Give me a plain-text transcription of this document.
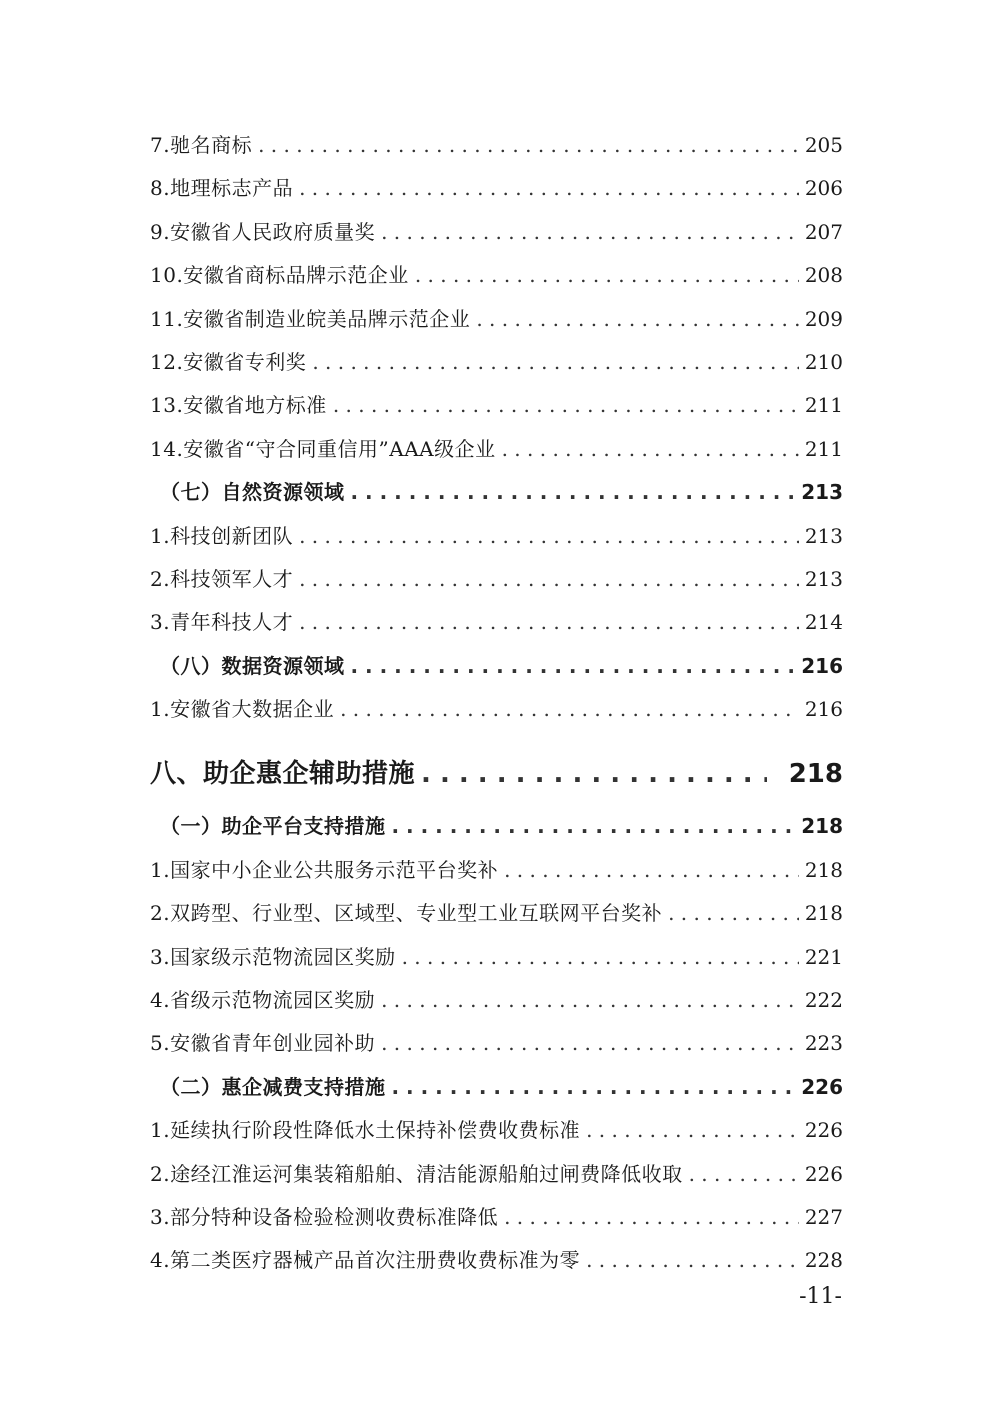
7.驰名商标 . . .	205
8.地理标志产品 . . .	206
9.安徽省人民政府质量奖 . . .	207
10.安徽省商标品牌示范企业 . . .	208
11.安徽省制造业皖美品牌示范企业 . . .	209
12.安徽省专利奖 . . .	210
13.安徽省地方标准 . . .	211
14.安徽省“守合同重信用”AAA级企业 . . .	211
（七）自然资源领域 . . .	213
1.科技创新团队 . . .	213
2.科技领军人才 . . .	213
3.青年科技人才 . . .	214
（八）数据资源领域 . . .	216
1.安徽省大数据企业 . . .	216
八、助企惠企辅助措施 . . .	218
（一）助企平台支持措施 . . .	218
1.国家中小企业公共服务示范平台奖补 . . .	218
2.双跨型、行业型、区域型、专业型工业互联网平台奖补 . . .	218
3.国家级示范物流园区奖励 . . .	221
4.省级示范物流园区奖励 . . .	222
5.安徽省青年创业园补助 . . .	223
（二）惠企减费支持措施 . . .	226
1.延续执行阶段性降低水土保持补偿费收费标准 . . .	226
2.途经江淮运河集装箱船舶、清洁能源船舶过闸费降低收取 . . .	226
3.部分特种设备检验检测收费标准降低 . . .	227
4.第二类医疗器械产品首次注册费收费标准为零 . . .	228
-11-
